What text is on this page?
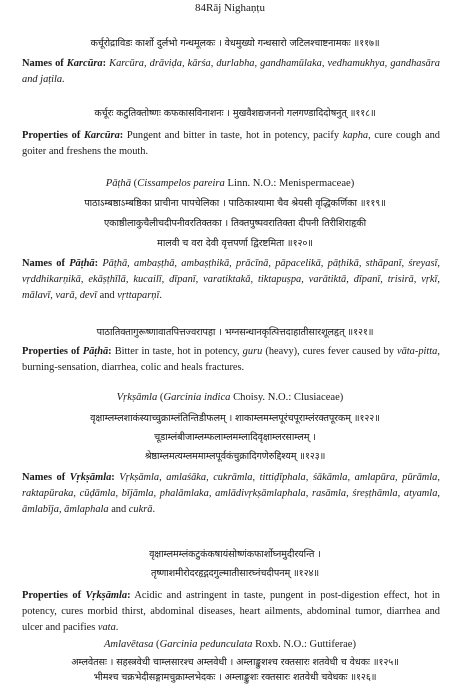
84Rāj Nighaṇṭu
कर्चूरोद्राविडः कार्शो दुर्लभो गन्धमूलकः । वेधमुख्यो गन्धसारो जटिलश्चाष्टनामकः ॥११७॥
Names of Karcūra: Karcūra, drāviḍa, kārśa, durlabha, gandhamūlaka, vedhamukhya, gandhasāra and jaṭila.
कर्चूरः कटुतिक्तोष्णः कफकासविनाशनः । मुखवैशद्यजननो गलगण्डादिदोषनुत् ॥११८॥
Properties of Karcūra: Pungent and bitter in taste, hot in potency, pacify kapha, cure cough and goiter and freshens the mouth.
Pāṭhā (Cissampelos pareira Linn. N.O.: Menispermaceae)
पाठाऽम्बष्ठाऽम्बष्ठिका प्राचीना पापचेलिका । पाठिकाश्यामा चैव श्रेयसी वृद्धिकर्णिका ॥११९॥
एकाष्ठीलाकुचैलीचदीपनीवरतिक्तका । तिक्तपुष्पवरातिक्ता दीपनी तिरीशिराहृकी
मालवी च वरा देवी वृत्तपर्णा द्विरष्टमिता ॥१२०॥
Names of Pāṭhā: Pāṭhā, ambaṣṭhā, ambaṣṭhikā, prācīnā, pāpacelikā, pāṭhikā, sthāpanī, śreyasī, vṛddhikarṇikā, ekāṣṭhīlā, kucailī, dīpanī, varatiktakā, tiktapuṣpa, varātiktā, dīpanī, trisirā, vṛkī, mālavī, varā, devī and vṛttaparṇī.
पाठातिक्तागुरूष्णावातपित्तज्वरापहा । भग्नसन्धानकृत्पित्तदाहातीसारशूलहृत् ॥१२१॥
Properties of Pāṭhā: Bitter in taste, hot in potency, guru (heavy), cures fever caused by vāta-pitta, burning-sensation, diarrhea, colic and heals fractures.
Vṛkṣāmla (Garcinia indica Choisy. N.O.: Clusiaceae)
वृक्षाम्लम्लशाकंस्याच्चुक्राम्लंतिन्तिडीफलम् । शाकाम्लमम्लपूरंचपूराम्लंरक्तपूरकम् ॥१२२॥
चूडाम्लंबीजाम्लम्फलाम्लमम्लादिवृक्षाम्लरसाम्लम् ।
श्रेष्ठाम्लमत्यम्लममाम्लपूर्वकंचुक्रादिगणेरुद्दिश्यम् ॥१२३॥
Names of Vṛkṣāmla: Vṛkṣāmla, amlaśāka, cukrāmla, tittiḍīphala, śākāmla, amlapūra, pūrāmla, raktapūraka, cūḍāmla, bījāmla, phalāmlaka, amlādivṛkṣāmlaphala, rasāmla, śreṣṭhāmla, atyamla, āmlabīja, āmlaphala and cukrā.
वृक्षाम्लमम्लंकटुकंकषायंसोष्णंकफार्शोघ्नमुदीरयन्ति ।
तृष्णाशमीरोदरहृद्गदगुल्मातीसारघ्नंचदीपनम् ॥१२४॥
Properties of Vṛkṣāmla: Acidic and astringent in taste, pungent in post-digestion effect, hot in potency, cures morbid thirst, abdominal diseases, heart ailments, abdominal tumor, diarrhea and ulcer and pacifies vata.
Amlavētasa (Garcinia pedunculata Roxb. N.O.: Guttiferae)
अम्लवेतसः । सहस्त्रवेधी चाम्लसारश्च अम्लवेधी । अम्लाङ्कुशश्च रक्तसारः शतवेधी च वेधकः ॥१२५॥
भीमश्च चक्रभेदीसङ्गामचुक्राम्लभेदकः । अम्लाङ्कुशः रक्तसारः शतवेधी चवेधकः ॥१२६॥
